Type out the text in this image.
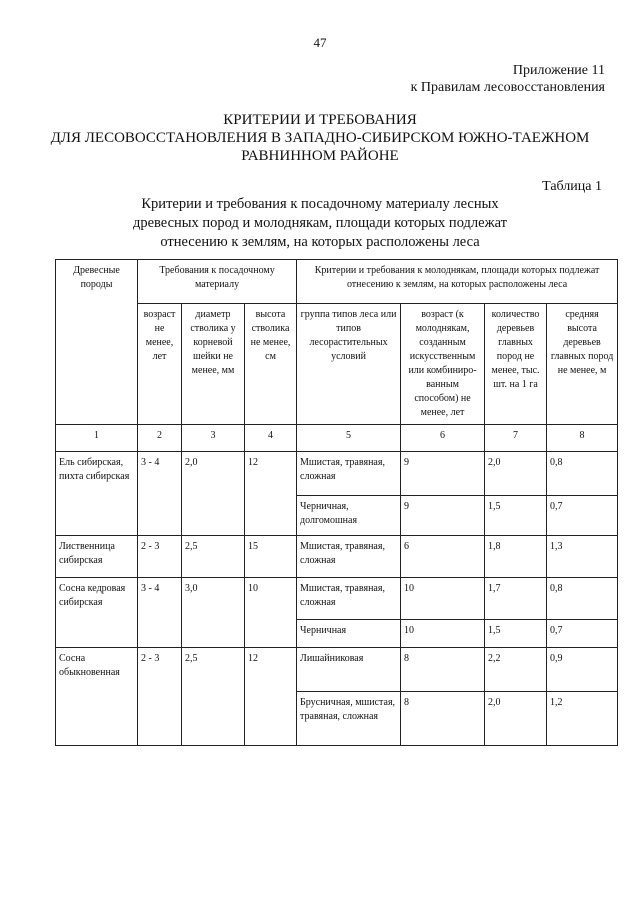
47
Приложение 11
к Правилам лесовосстановления
КРИТЕРИИ И ТРЕБОВАНИЯ
ДЛЯ ЛЕСОВОССТАНОВЛЕНИЯ В ЗАПАДНО-СИБИРСКОМ ЮЖНО-ТАЕЖНОМ
РАВНИННОМ РАЙОНЕ
Таблица 1
Критерии и требования к посадочному материалу лесных
древесных пород и молоднякам, площади которых подлежат
отнесению к землям, на которых расположены леса
Древесные породы	Требования к посадочному материалу			Критерии и требования к молоднякам, площади которых подлежат отнесению к землям, на которых расположены леса			
	возраст не менее, лет	диаметр стволика у корневой шейки не менее, мм	высота стволика не менее, см	группа типов леса или типов лесорастительных условий	возраст (к молоднякам, созданным искусственным или комбиниро-ванным способом) не менее, лет	количество деревьев главных пород не менее, тыс. шт. на 1 га	средняя высота деревьев главных пород не менее, м
1	2	3	4	5	6	7	8
Ель сибирская, пихта сибирская	3 - 4	2,0	12	Мшистая, травяная, сложная	9	2,0	0,8
				Черничная, долгомошная	9	1,5	0,7
Лиственница сибирская	2 - 3	2,5	15	Мшистая, травяная, сложная	6	1,8	1,3
Сосна кедровая сибирская	3 - 4	3,0	10	Мшистая, травяная, сложная	10	1,7	0,8
				Черничная	10	1,5	0,7
Сосна обыкновенная	2 - 3	2,5	12	Лишайниковая	8	2,2	0,9
				Брусничная, мшистая, травяная, сложная	8	2,0	1,2
